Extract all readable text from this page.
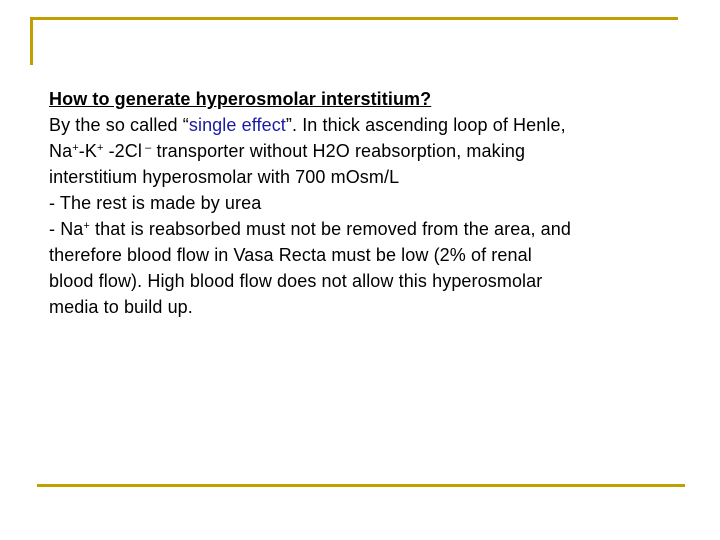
How to generate hyperosmolar interstitium?
By the so called “single effect”. In thick ascending loop of Henle,
Na+-K+ -2Cl – transporter without H2O reabsorption, making
interstitium hyperosmolar with 700 mOsm/L
- The rest is made by urea
- Na+ that is reabsorbed must not be removed from the area, and
therefore blood flow in Vasa Recta must be low (2% of renal
blood flow). High blood flow does not allow this hyperosmolar
media to build up.
